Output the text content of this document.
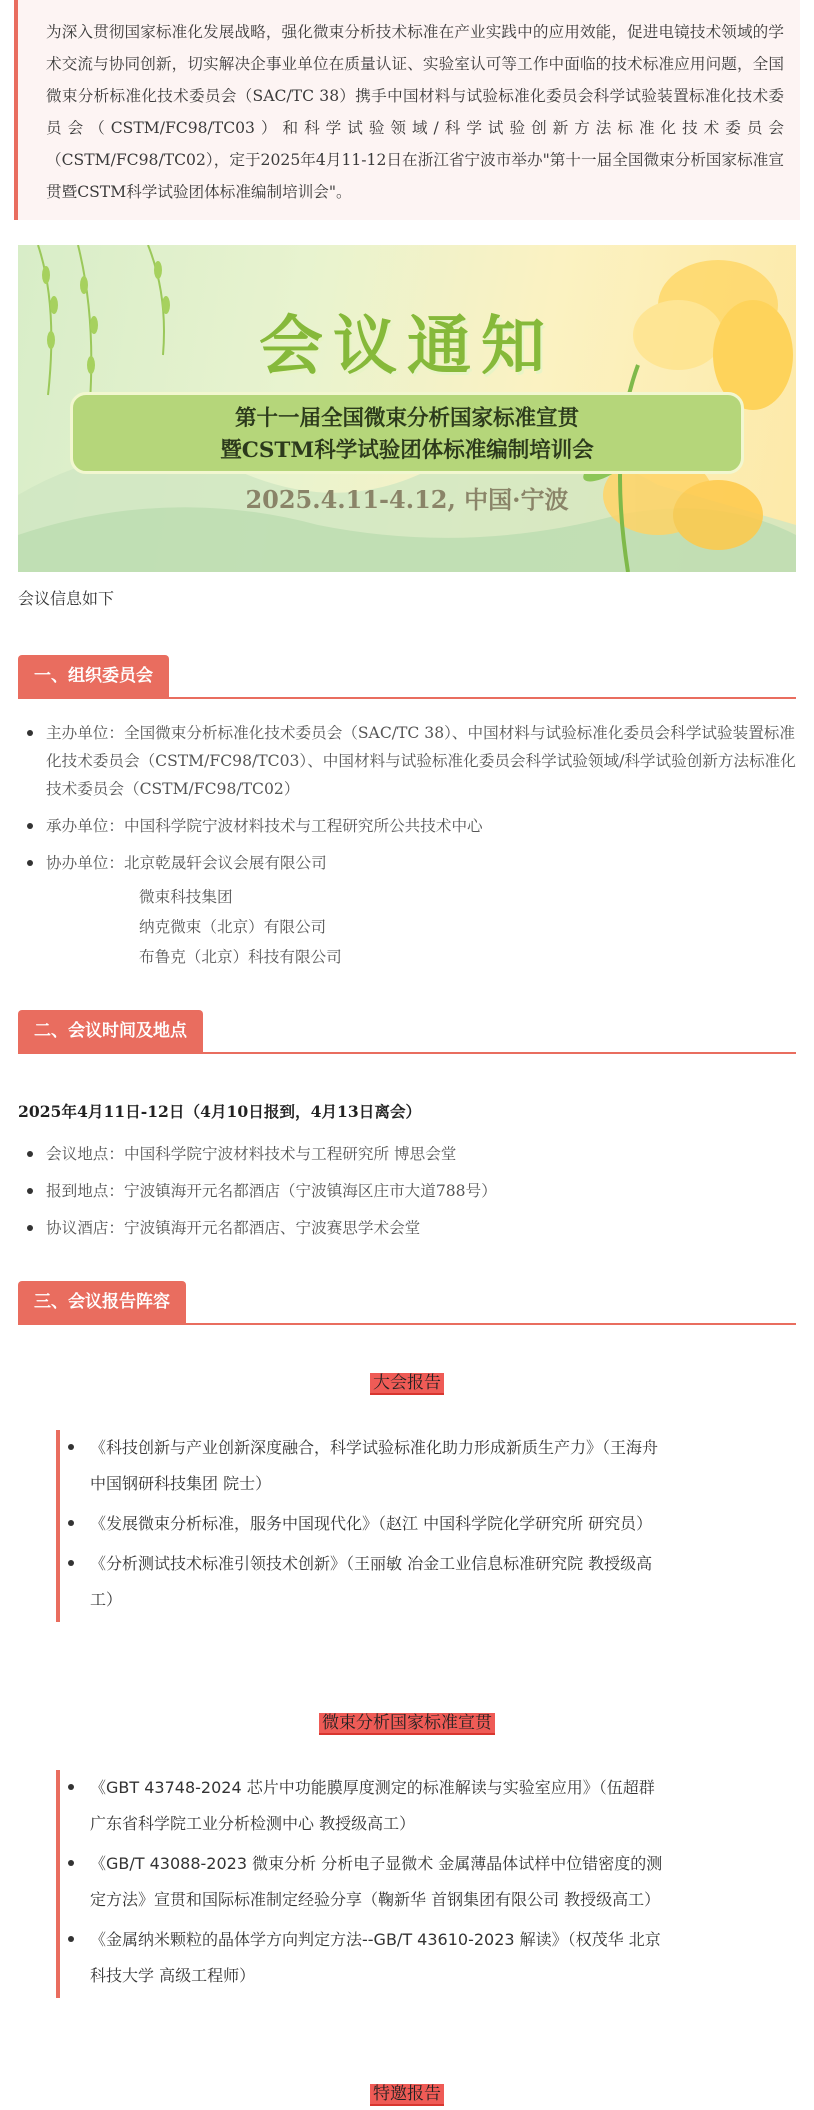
为深入贯彻国家标准化发展战略，强化微束分析技术标准在产业实践中的应用效能，促进电镜技术领域的学术交流与协同创新，切实解决企事业单位在质量认证、实验室认可等工作中面临的技术标准应用问题，全国微束分析标准化技术委员会（SAC/TC 38）携手中国材料与试验标准化委员会科学试验装置标准化技术委员会（CSTM/FC98/TC03）和科学试验领域/科学试验创新方法标准化技术委员会（CSTM/FC98/TC02），定于2025年4月11-12日在浙江省宁波市举办"第十一届全国微束分析国家标准宣贯暨CSTM科学试验团体标准编制培训会"。
会议通知
第十一届全国微束分析国家标准宣贯
暨CSTM科学试验团体标准编制培训会
2025.4.11-4.12, 中国·宁波
会议信息如下
一、组织委员会
主办单位：全国微束分析标准化技术委员会（SAC/TC 38）、中国材料与试验标准化委员会科学试验装置标准化技术委员会（CSTM/FC98/TC03）、中国材料与试验标准化委员会科学试验领域/科学试验创新方法标准化技术委员会（CSTM/FC98/TC02）
承办单位：中国科学院宁波材料技术与工程研究所公共技术中心
协办单位：北京乾晟轩会议会展有限公司
微束科技集团
纳克微束（北京）有限公司
布鲁克（北京）科技有限公司
二、会议时间及地点
2025年4月11日-12日（4月10日报到，4月13日离会）
会议地点：中国科学院宁波材料技术与工程研究所 博思会堂
报到地点：宁波镇海开元名都酒店（宁波镇海区庄市大道788号）
协议酒店：宁波镇海开元名都酒店、宁波赛思学术会堂
三、会议报告阵容
大会报告
《科技创新与产业创新深度融合，科学试验标准化助力形成新质生产力》（王海舟 中国钢研科技集团 院士）
《发展微束分析标准，服务中国现代化》（赵江 中国科学院化学研究所 研究员）
《分析测试技术标准引领技术创新》（王丽敏 冶金工业信息标准研究院 教授级高工）
微束分析国家标准宣贯
《GBT 43748-2024 芯片中功能膜厚度测定的标准解读与实验室应用》（伍超群 广东省科学院工业分析检测中心 教授级高工）
《GB/T 43088-2023 微束分析 分析电子显微术 金属薄晶体试样中位错密度的测定方法》宣贯和国际标准制定经验分享（鞠新华 首钢集团有限公司 教授级高工）
《金属纳米颗粒的晶体学方向判定方法--GB/T 43610-2023 解读》（权茂华 北京科技大学 高级工程师）
特邀报告
